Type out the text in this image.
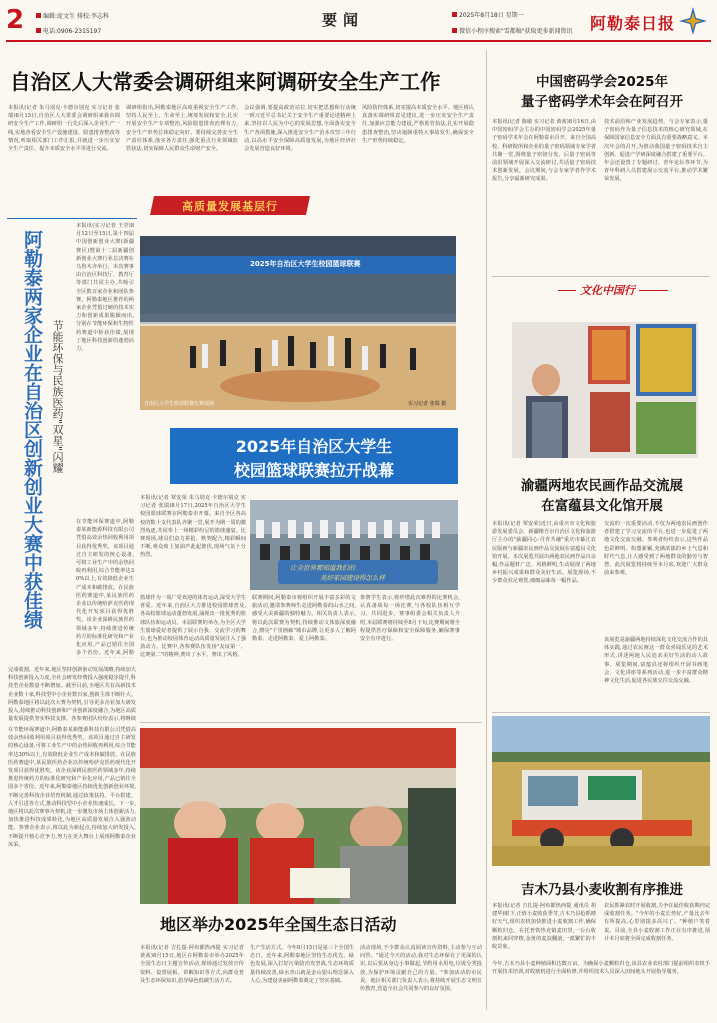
2	编辑:庞文生 排校:李志科
电话:0906-2315197
要闻	2025年8月18日 星期一
微信小程序搜索"雪都稿"获取更多新闻资讯 阿勒泰日报
自治区人大常委会调研组来阿调研安全生产工作
本报讯(记者 朱马别克·卡德尔别克 实习记者 张瑞)8月15日,自治区人大常委会调研组来我市调研安全生产工作,调研组一行先后深入企业生产一线,实地查看安全生产设施建设、隐患排查整改等情况,听取相关部门工作汇报,并就进一步压实安全生产责任、提升本质安全水平等进行交流。
调研组指出,阿勒泰地区高度重视安全生产工作,坚持人民至上、生命至上,统筹发展和安全,扎实开展安全生产专项整治,风险隐患排查治理有力,安全生产形势总体稳定向好。要持续完善安全生产责任体系,落实各方责任,强化重点行业领域监管执法,切实保障人民群众生命财产安全。
会议强调,要提高政治站位,切实把思想和行动统一到习近平总书记关于安全生产重要论述精神上来,坚持以人民为中心的发展思想,全面落实安全生产各项措施,深入推进安全生产治本攻坚三年行动,以高水平安全保障高质量发展,为地区经济社会发展营造良好环境。
风险防控体系,切实提高本质安全水平。地区将认真落实调研组意见建议,进一步压实安全生产责任,加强应急能力建设,严格监管执法,扎实开展隐患排查整治,坚决遏制重特大事故发生,确保安全生产形势持续稳定。
高质量发展基层行
阿勒泰两家企业在自治区创新创业大赛中获佳绩 节能环保与民族医药"双星"闪耀
本报讯(实习记者 王莹)8月12日至15日,第十四届中国创新创业大赛(新疆赛区)暨第十二届新疆创新创业大赛行业总决赛在乌鲁木齐举行。本次赛事由自治区科技厅、教育厅等部门共同主办,共吸引全区数百家企业和团队参赛。阿勒泰地区推荐的两家企业凭借过硬的技术实力和创新成果脱颖而出,分别在节能环保和生物医药赛道中斩获佳绩,展现了地区科技创新的蓬勃活力。
在节能环保赛道中,阿勒泰某新能源科技有限公司凭借高效余热回收利用项目获得优秀奖。该项目通过自主研发的核心设备,可将工业生产中的余热回收再利用,综合节能率达30%以上,有效降低企业生产成本和碳排放。在民族医药赛道中,某民族医药企业以传统哈萨克医药现代化开发项目获得优胜奖。该企业深耕民族医药领域多年,持续推进传统药方的标准化研究和产业化应用,产品已销往全国多个省份。近年来,阿勒
2025年自治区大学生校园篮球联赛
自治区大学生篮球联赛比赛现场	实习记者 张瑞 摄
2025年自治区大学生
校园篮球联赛拉开战幕
本报讯(记者 覃安荣 朱马别克·卡德尔别克 实习记者 张瑞)8月17日,2025年自治区大学生校园篮球联赛在阿勒泰市开幕。来自全区各高校的数十支代表队齐聚一堂,展开为期一周的激烈角逐,共同奉上一场精彩纷呈的篮球盛宴。比赛现场,球员们奋力拼抢、默契配合,精彩瞬间不断,观众席上加油声此起彼伏,现场气氛十分热烈。
让全世界都知道我们的
美好家园建设得怎么样
完成收割。近年来,地区坚持创新驱动发展战略,持续加大科技创新投入力度,全社会研发经费投入强度稳步提升,科技型企业数量不断增加。截至目前,全地区共有高新技术企业数十家,科技型中小企业数百家,创新主体不断壮大。阿勒泰地区将以此次大赛为契机,引导更多企业加大研发投入,持续推动科技创新和产业创新深度融合,为地区高质量发展提供坚实科技支撑。各参赛团队纷纷表示,将继续
篮球作为一项广受欢迎的体育运动,深受大学生喜爱。近年来,自治区大力推进校园篮球普及,各高校篮球运动蓬勃发展,涌现出一批优秀的篮球队伍和运动员。本届联赛的举办,为全区大学生篮球爱好者提供了展示自我、交流学习的舞台,也为推动校园体育运动高质量发展注入了强劲动力。比赛中,各参赛队伍发扬"友谊第一、比赛第二"的精神,赛出了水平、赛出了风格。
联赛期间,阿勒泰市将组织开展丰富多彩的文旅活动,邀请参赛师生走进阿勒泰的山水之间,感受大美新疆的独特魅力。相关负责人表示,将以此次联赛为契机,持续推动文体旅深度融合,擦亮"千里画廊"城市品牌,让更多人了解阿勒泰、走进阿勒泰、爱上阿勒泰。
参赛学生表示,将珍惜此次难得的比赛机会,认真备战每一场比赛,与各校队伍相互学习、共同进步。赛事组委会相关负责人介绍,本届联赛将持续至8月下旬,比赛期间将全程提供医疗保障和安全保障服务,确保赛事安全有序进行。
在节能环保赛道中,阿勒泰某新能源科技有限公司凭借高效余热回收利用项目获得优秀奖。该项目通过自主研发的核心设备,可将工业生产中的余热回收再利用,综合节能率达30%以上,有效降低企业生产成本和碳排放。在民族医药赛道中,某民族医药企业以传统哈萨克医药现代化开发项目获得优胜奖。该企业深耕民族医药领域多年,持续推进传统药方的标准化研究和产业化应用,产品已销往全国多个省份。近年来,阿勒泰地区持续优化创新创业环境,不断完善科技企业培育机制,通过政策扶持、平台搭建、人才引进等方式,推动科技型中小企业快速成长。下一步,地区将以此次赛事为契机,进一步激发市场主体创新活力,加快推进科技成果转化,为地区高质量发展注入强劲动能。参赛企业表示,将以此为新起点,持续加大研发投入,不断提升核心竞争力,努力在更大舞台上展现阿勒泰企业风采。
地区举办2025年全国生态日活动
本报讯(记者 吉扎提·阿布都热西提 实习记者 黄茜)8月15日,地区在阿勒泰市举办2025年全国生态日主题宣传活动,现场通过发放宣传资料、设置展板、讲解知识等方式,向群众普及生态环保知识,倡导绿色低碳生活方式。
生产生活方式。今年8月15日是第三个全国生态日。近年来,阿勒泰地区坚持生态优先、绿色发展,深入打好污染防治攻坚战,生态环境质量持续改善,绿水青山就是金山银山理念深入人心,为建设美丽阿勒泰奠定了坚实基础。
活动现场,不少群众认真阅读宣传资料,主动参与互动问答。"通过今天的活动,我对生态环保有了更深的认识,以后要从身边小事做起,节约用水用电,垃圾分类投放,为保护环境贡献自己的力量。"参加活动的市民说。地区相关部门负责人表示,将持续开展生态文明宣传教育,营造全社会共同参与的良好氛围。
中国密码学会2025年
量子密码学术年会在阿召开
本报讯(记者 陈敏 实习记者 黄茜)8月16日,由中国密码学会主办的中国密码学会2025年量子密码学术年会在阿勒泰市召开。来自全国高校、科研院所和企业的量子密码领域专家学者共聚一堂,围绕量子密钥分发、后量子密码等前沿领域开展深入交流研讨,共话量子密码技术创新发展。会议期间,与会专家学者作学术报告,分享最新研究成果。
技术前沿和产业发展趋势。与会专家表示,量子密码作为量子信息技术的核心研究领域,在保障国家信息安全方面具有重要战略意义。本次年会的召开,为推动我国量子密码技术自主创新、促进产学研深度融合搭建了重要平台。年会还设置了专题研讨、青年论坛等环节,为青年科研人员搭建展示交流平台,推动学术繁荣发展。
文化中国行
渝疆两地农民画作品交流展
在富蕴县文化馆开展
本报讯(记者 覃安荣)近日,由重庆市文化和旅游发展委员会、新疆维吾尔自治区文化和旅游厅主办的"渝疆同心·丹青共融"重庆市綦江农民版画与新疆农民画作品交流展在富蕴县文化馆开展。本次展览共展出两地农民画作品百余幅,作品题材广泛、风格鲜明,生动展现了两地乡村振兴成果和群众美好生活。展览现场,不少群众驻足观赏,细细品味每一幅作品。
交流的一次重要活动,不仅为两地农民画创作者搭建了学习交流的平台,也进一步促进了两地文化交流交融。参观者纷纷表示,这些作品色彩鲜明、构图新颖,充满浓郁的乡土气息和时代气息,让人感受到了两地群众的勤劳与智慧。此次展览将持续至本月底,欢迎广大群众前来参观。
该展览是渝疆两地持续深化文化交流合作的具体实践,通过农民画这一群众喜闻乐见的艺术形式,讲述两地人民追求美好生活的动人故事。展览期间,富蕴县还将组织开展书画笔会、文化讲座等系列活动,进一步丰富群众精神文化生活,促进各民族交往交流交融。
吉木乃县小麦收割有序推进
本报讯(记者 吉扎提·阿布都热西提 通讯员 胡建华)眼下,正值小麦收获季节,吉木乃县抢抓晴好天气,组织农机加快推进小麦收割工作,确保颗粒归仓。在托普铁热克镇麦田里,一台台收割机来回穿梭,金黄的麦浪翻滚,一派繁忙的丰收景象。
农民抓紧农时开展收割,力争在最佳收获期内完成收割任务。"今年的小麦长势好,产量比去年有所提高,心里别提多高兴了。"种植户笑着说。目前,全县小麦收割工作正在有序推进,预计本月底将全面完成收割任务。
今年,吉木乃县小麦种植面积达数万亩。为确保小麦颗粒归仓,该县农业农村部门提前组织农机手开展技术培训,对收割机进行全面检修,并组织技术人员深入田间地头开展指导服务。
